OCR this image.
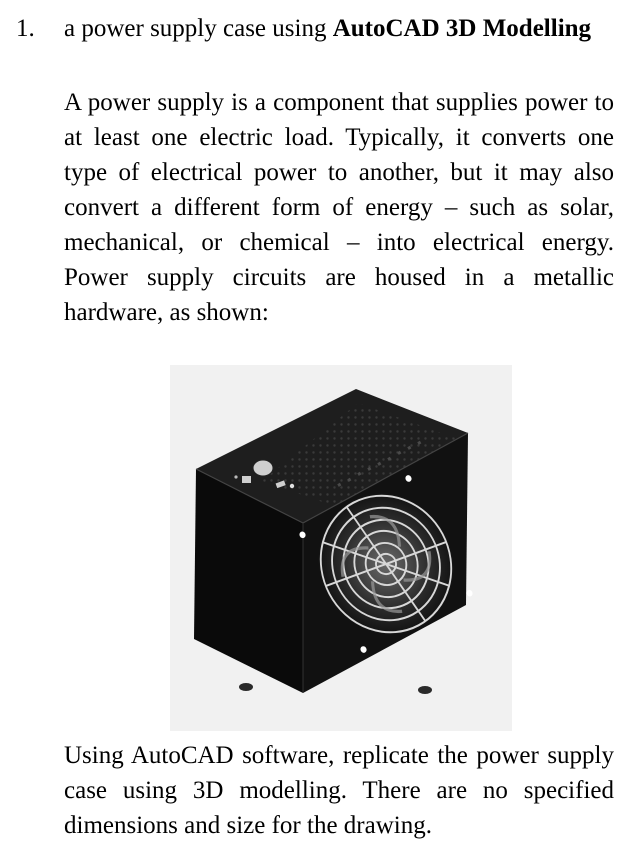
1. a power supply case using AutoCAD 3D Modelling
A power supply is a component that supplies power to at least one electric load. Typically, it converts one type of electrical power to another, but it may also convert a different form of energy – such as solar, mechanical, or chemical – into electrical energy. Power supply circuits are housed in a metallic hardware, as shown:
Using AutoCAD software, replicate the power supply case using 3D modelling. There are no specified dimensions and size for the drawing.
